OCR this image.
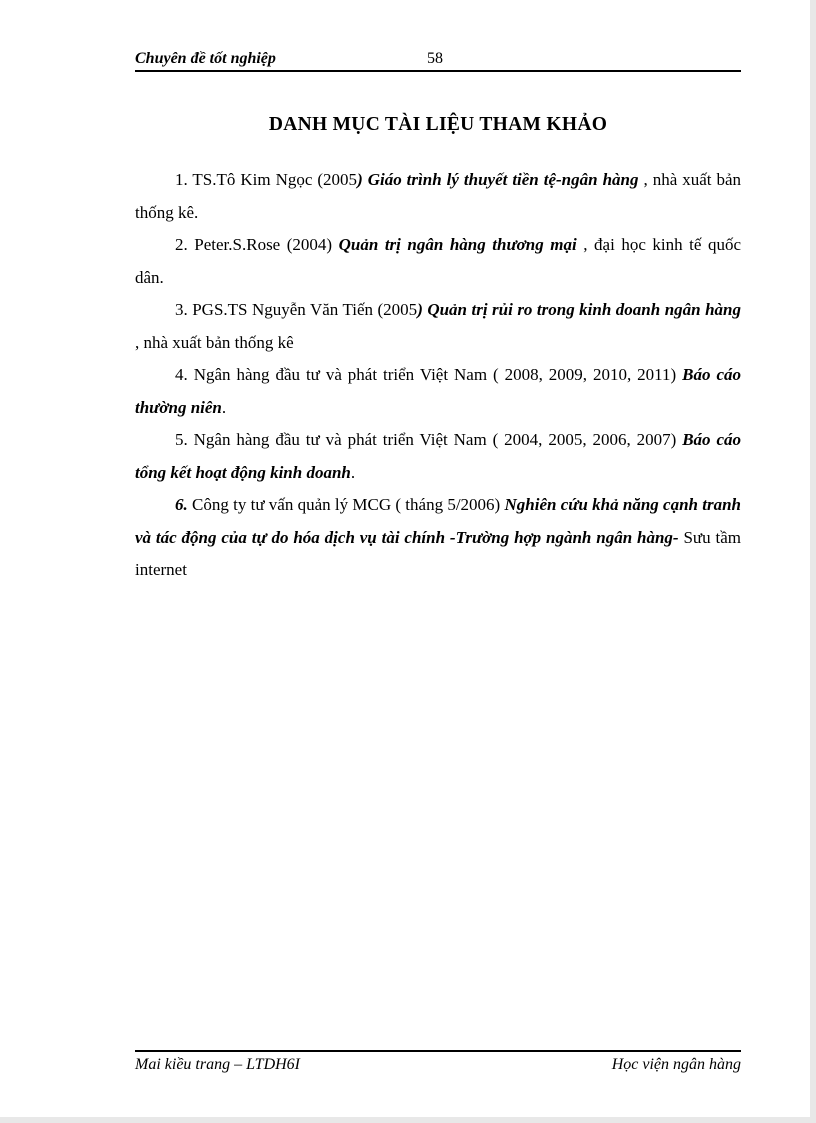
Chuyên đề tốt nghiệp	58
DANH MỤC TÀI LIỆU THAM KHẢO

1. TS.Tô Kim Ngọc (2005) Giáo trình lý thuyết tiền tệ-ngân hàng , nhà xuất bản thống kê.

2. Peter.S.Rose (2004) Quản trị ngân hàng thương mại , đại học kinh tế quốc dân.

3. PGS.TS Nguyễn Văn Tiến (2005) Quản trị rủi ro trong kinh doanh ngân hàng , nhà xuất bản thống kê

4. Ngân hàng đầu tư và phát triển Việt Nam ( 2008, 2009, 2010, 2011) Báo cáo thường niên.

5. Ngân hàng đầu tư và phát triển Việt Nam ( 2004, 2005, 2006, 2007) Báo cáo tổng kết hoạt động kinh doanh.

6. Công ty tư vấn quản lý MCG ( tháng 5/2006) Nghiên cứu khả năng cạnh tranh và tác động của tự do hóa dịch vụ tài chính -Trường hợp ngành ngân hàng- Sưu tầm internet

Mai kiều trang – LTDH6I	Học viện ngân hàng
